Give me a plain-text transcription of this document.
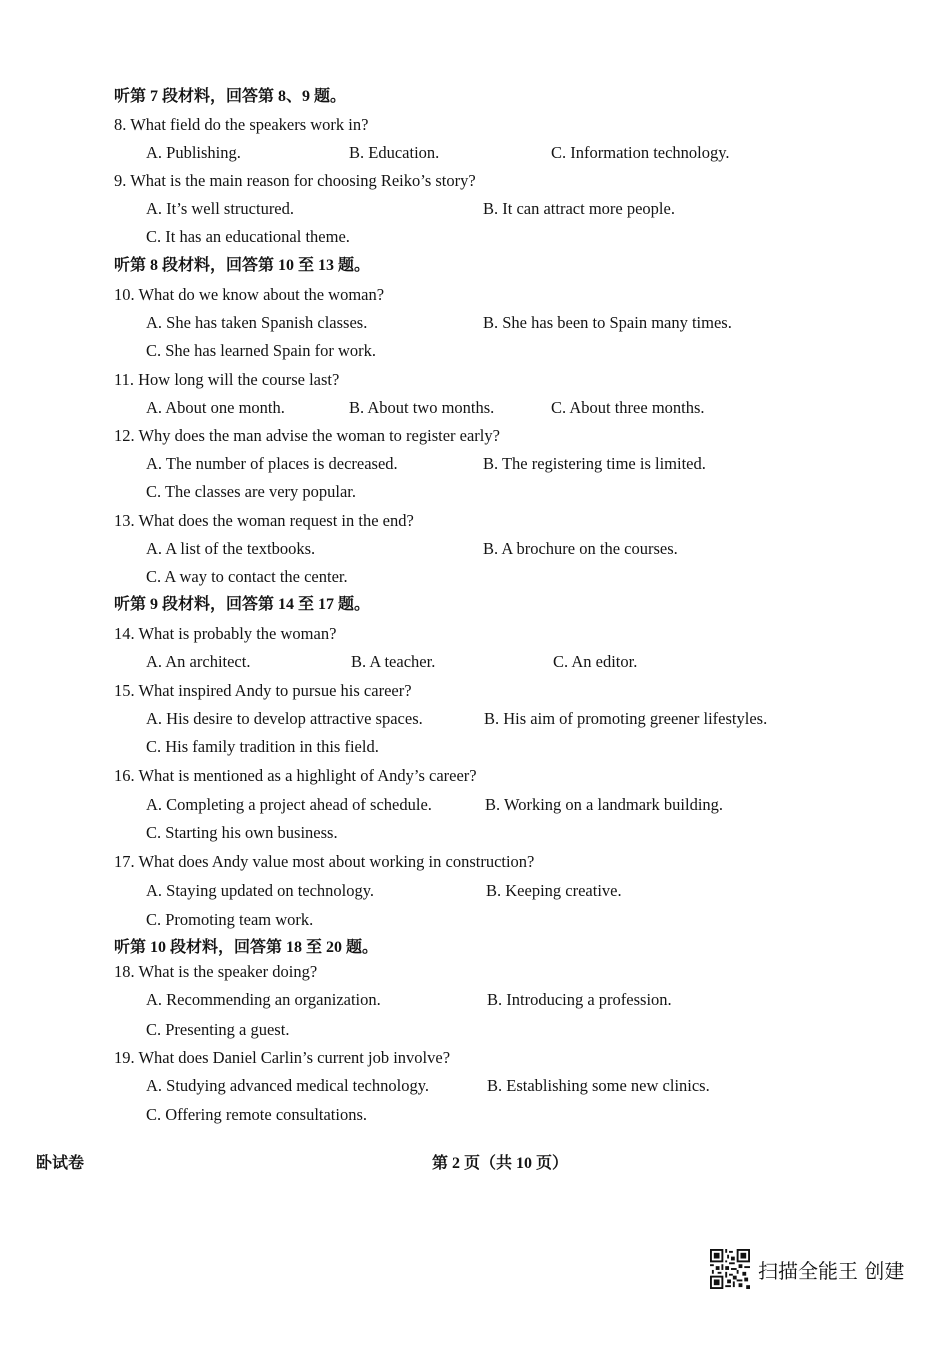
听第 7 段材料，回答第 8、9 题。
8. What field do the speakers work in?
A. Publishing.	B. Education.	C. Information technology.
9. What is the main reason for choosing Reiko’s story?
A. It’s well structured.	B. It can attract more people.
C. It has an educational theme.
听第 8 段材料，回答第 10 至 13 题。
10. What do we know about the woman?
A. She has taken Spanish classes.	B. She has been to Spain many times.
C. She has learned Spain for work.
11. How long will the course last?
A. About one month.	B. About two months.	C. About three months.
12. Why does the man advise the woman to register early?
A. The number of places is decreased.	B. The registering time is limited.
C. The classes are very popular.
13. What does the woman request in the end?
A. A list of the textbooks.	B. A brochure on the courses.
C. A way to contact the center.
听第 9 段材料，回答第 14 至 17 题。
14. What is probably the woman?
A. An architect.	B. A teacher.	C. An editor.
15. What inspired Andy to pursue his career?
A. His desire to develop attractive spaces.	B. His aim of promoting greener lifestyles.
C. His family tradition in this field.
16. What is mentioned as a highlight of Andy’s career?
A. Completing a project ahead of schedule.	B. Working on a landmark building.
C. Starting his own business.
17. What does Andy value most about working in construction?
A. Staying updated on technology.	B. Keeping creative.
C. Promoting team work.
听第 10 段材料，回答第 18 至 20 题。
18. What is the speaker doing?
A. Recommending an organization.	B. Introducing a profession.
C. Presenting a guest.
19. What does Daniel Carlin’s current job involve?
A. Studying advanced medical technology.	B. Establishing some new clinics.
C. Offering remote consultations.
卧试卷	第 2 页（共 10 页）
扫描全能王 创建
